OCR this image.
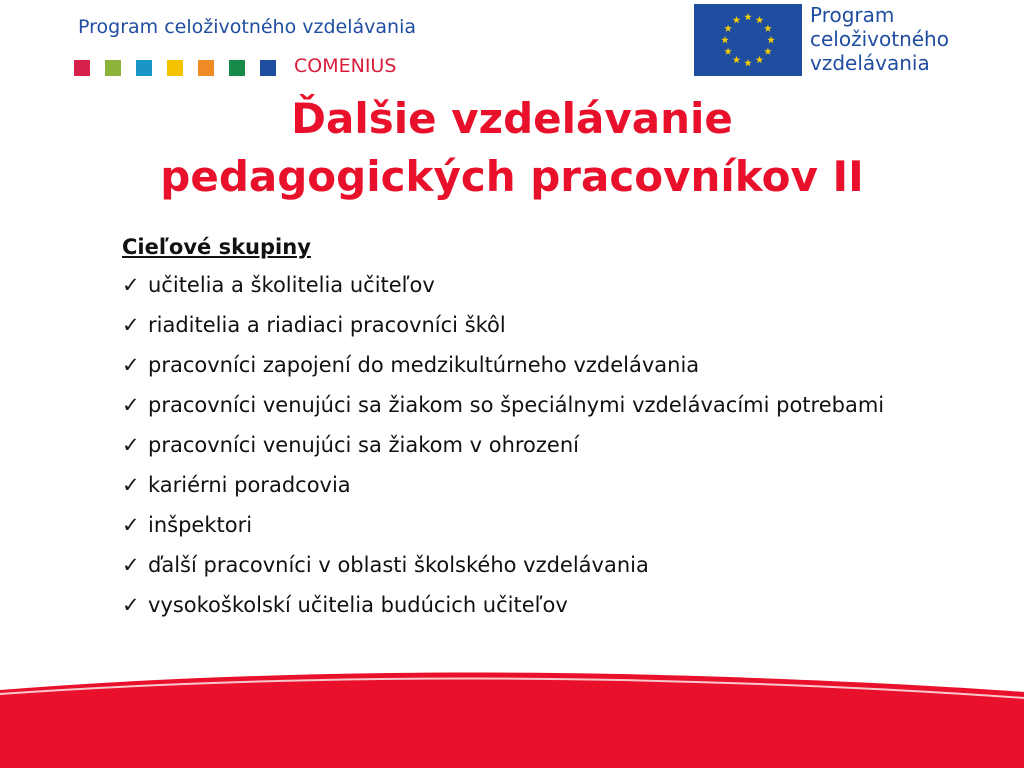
Program celoživotného vzdelávania
COMENIUS
Program
celoživotného
vzdelávania
Ďalšie vzdelávanie
pedagogických pracovníkov II
Cieľové skupiny
✓ učitelia a školitelia učiteľov
✓ riaditelia a riadiaci pracovníci škôl
✓ pracovníci zapojení do medzikultúrneho vzdelávania
✓ pracovníci venujúci sa žiakom so špeciálnymi vzdelávacími potrebami
✓ pracovníci venujúci sa žiakom v ohrození
✓ kariérni poradcovia
✓ inšpektori
✓ ďalší pracovníci v oblasti školského vzdelávania
✓ vysokoškolskí učitelia budúcich učiteľov
